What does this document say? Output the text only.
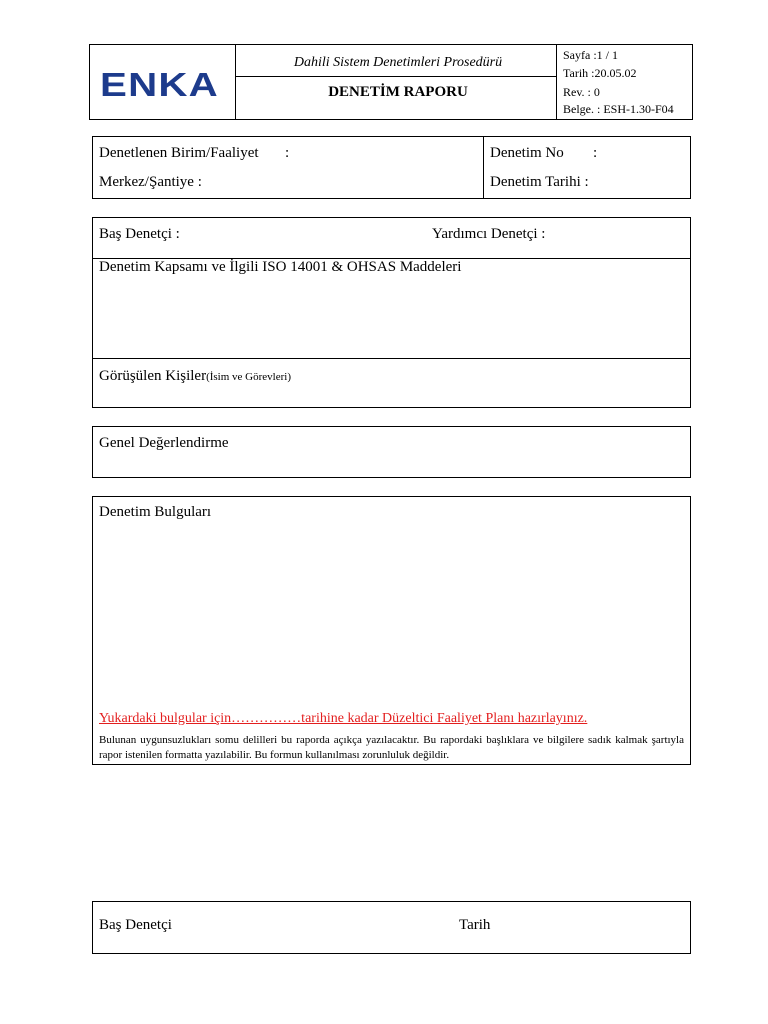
ENKA
Dahili Sistem Denetimleri Prosedürü
DENETİM RAPORU
Sayfa :1 / 1
Tarih :20.05.02
Rev. : 0
Belge. : ESH-1.30-F04
Denetlenen Birim/Faaliyet :
Merkez/Şantiye :
Denetim No :
Denetim Tarihi :
Baş Denetçi :	Yardımcı Denetçi :
Denetim Kapsamı ve İlgili ISO 14001 & OHSAS Maddeleri
Görüşülen Kişiler(İsim ve Görevleri)
Genel Değerlendirme
Denetim Bulguları
Yukardaki bulgular için……………tarihine kadar Düzeltici Faaliyet Planı hazırlayınız.
Bulunan uygunsuzlukları somu delilleri bu raporda açıkça yazılacaktır. Bu rapordaki başlıklara ve bilgilere sadık kalmak şartıyla rapor istenilen formatta yazılabilir. Bu formun kullanılması zorunluluk değildir.
Baş Denetçi	Tarih
